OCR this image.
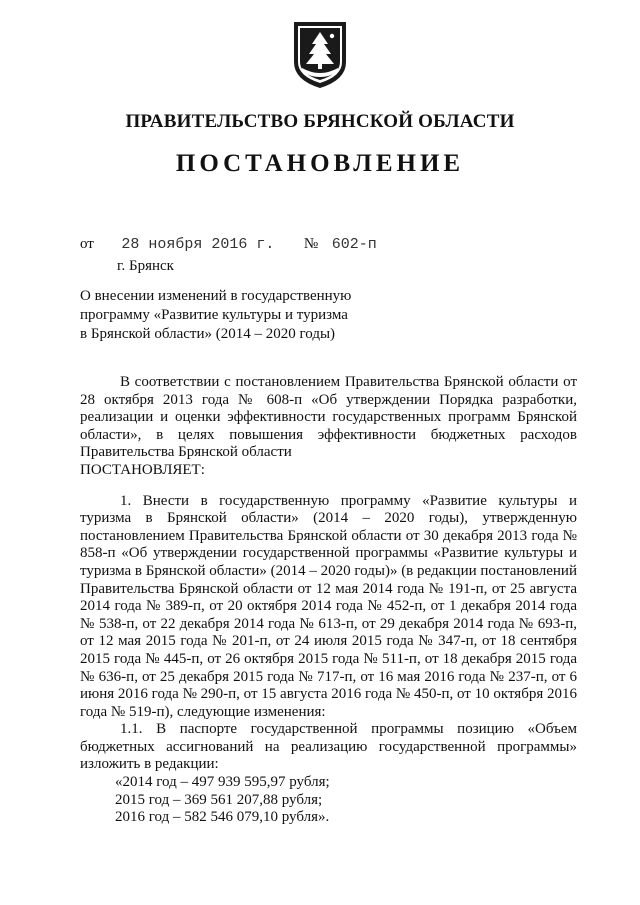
ПРАВИТЕЛЬСТВО БРЯНСКОЙ ОБЛАСТИ
ПОСТАНОВЛЕНИЕ
от 28 ноября 2016 г. № 602-п
г. Брянск
О внесении изменений в государственную
программу «Развитие культуры и туризма
в Брянской области» (2014 – 2020 годы)

В соответствии с постановлением Правительства Брянской области от 28 октября 2013 года № 608-п «Об утверждении Порядка разработки, реализации и оценки эффективности государственных программ Брянской области», в целях повышения эффективности бюджетных расходов Правительства Брянской области

ПОСТАНОВЛЯЕТ:

1. Внести в государственную программу «Развитие культуры и туризма в Брянской области» (2014 – 2020 годы), утвержденную постановлением Правительства Брянской области от 30 декабря 2013 года № 858-п «Об утверждении государственной программы «Развитие культуры и туризма в Брянской области» (2014 – 2020 годы)» (в редакции постановлений Правительства Брянской области от 12 мая 2014 года № 191-п, от 25 августа 2014 года № 389-п, от 20 октября 2014 года № 452-п, от 1 декабря 2014 года № 538-п, от 22 декабря 2014 года № 613-п, от 29 декабря 2014 года № 693-п, от 12 мая 2015 года № 201-п, от 24 июля 2015 года № 347-п, от 18 сентября 2015 года № 445-п, от 26 октября 2015 года № 511-п, от 18 декабря 2015 года № 636-п, от 25 декабря 2015 года № 717-п, от 16 мая 2016 года № 237-п, от 6 июня 2016 года № 290-п, от 15 августа 2016 года № 450-п, от 10 октября 2016 года № 519-п), следующие изменения:

1.1. В паспорте государственной программы позицию «Объем бюджетных ассигнований на реализацию государственной программы» изложить в редакции:

«2014 год – 497 939 595,97 рубля;

2015 год – 369 561 207,88 рубля;

2016 год – 582 546 079,10 рубля».
